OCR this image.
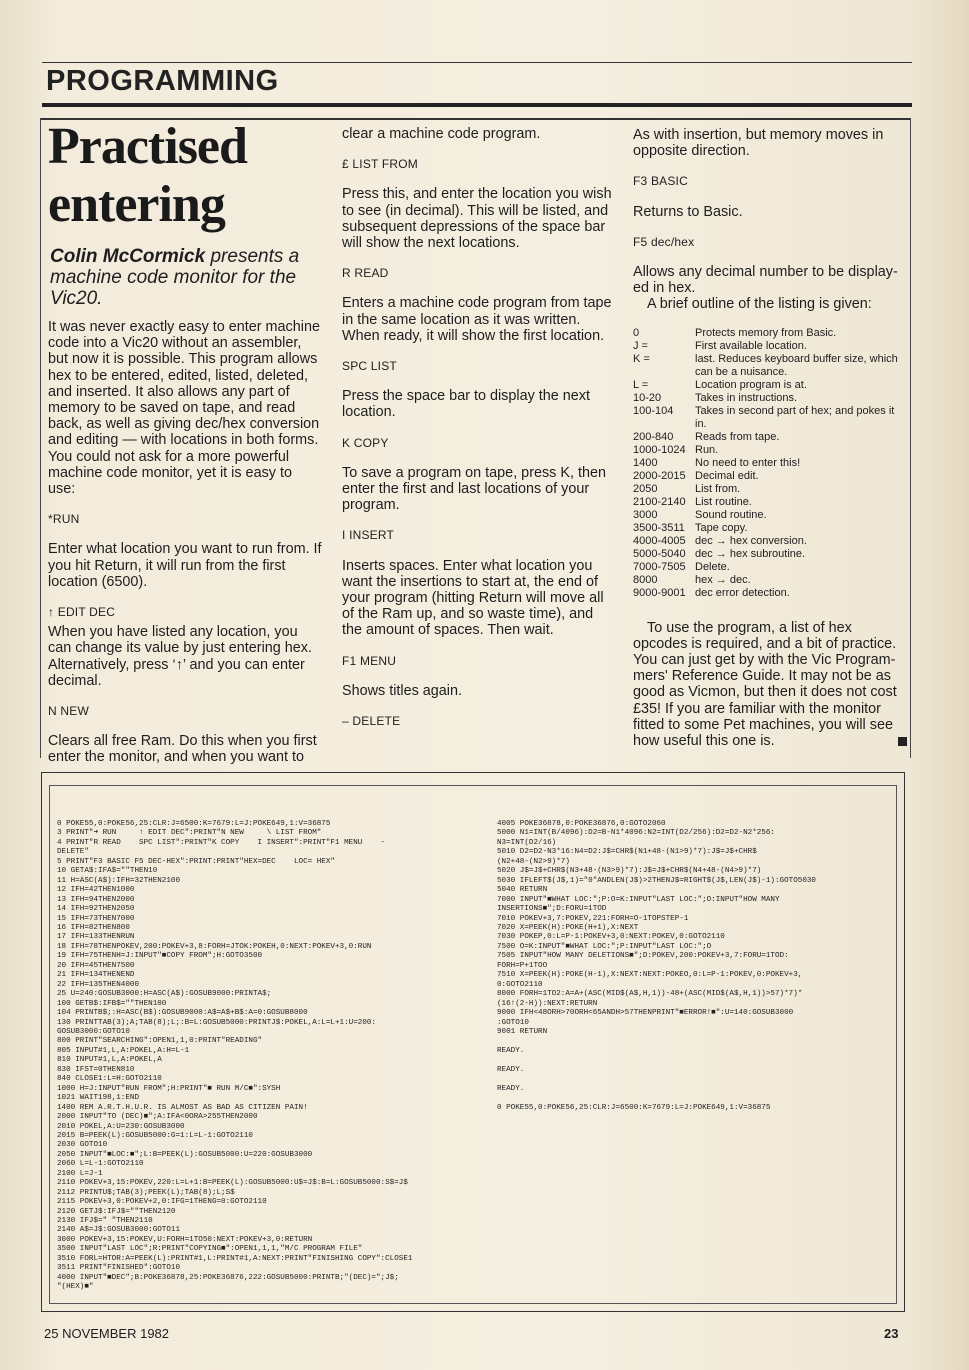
PROGRAMMING
Practised
entering

Colin McCormick presents a machine code monitor for the Vic20.

It was never exactly easy to enter machine code into a Vic20 without an assembler, but now it is possible. This program allows hex to be entered, edited, listed, deleted, and inserted. It also allows any part of memory to be saved on tape, and read back, as well as giving dec/hex conversion and editing — with locations in both forms. You could not ask for a more powerful machine code monitor, yet it is easy to use:

*RUN

Enter what location you want to run from. If you hit Return, it will run from the first location (6500).

↑ EDIT DEC

When you have listed any location, you can change its value by just entering hex. Alternatively, press ‘↑’ and you can enter decimal.

N NEW

Clears all free Ram. Do this when you first enter the monitor, and when you want to

clear a machine code program.

£ LIST FROM

Press this, and enter the location you wish to see (in decimal). This will be listed, and subsequent depressions of the space bar will show the next locations.

R READ

Enters a machine code program from tape in the same location as it was written. When ready, it will show the first location.

SPC LIST

Press the space bar to display the next location.

K COPY

To save a program on tape, press K, then enter the first and last locations of your program.

I INSERT

Inserts spaces. Enter what location you want the insertions to start at, the end of your program (hitting Return will move all of the Ram up, and so waste time), and the amount of spaces. Then wait.

F1 MENU

Shows titles again.

– DELETE

As with insertion, but memory moves in opposite direction.

F3 BASIC

Returns to Basic.

F5 dec/hex

Allows any decimal number to be display- ed in hex.

A brief outline of the listing is given:

0	Protects memory from Basic.
J =	First available location.
K =	last. Reduces keyboard buffer size, which can be a nuisance.
L =	Location program is at.
10-20	Takes in instructions.
100-104	Takes in second part of hex; and pokes it in.
200-840	Reads from tape.
1000-1024 Run.
1400	No need to enter this!
2000-2015 Decimal edit.
2050	List from.
2100-2140 List routine.
3000	Sound routine.
3500-3511 Tape copy.
4000-4005 dec → hex conversion.
5000-5040 dec → hex subroutine.
7000-7505 Delete.
8000	hex → dec.
9000-9001 dec error detection.

To use the program, a list of hex opcodes is required, and a bit of practice. You can just get by with the Vic Program- mers' Reference Guide. It may not be as good as Vicmon, but then it does not cost £35! If you are familiar with the monitor fitted to some Pet machines, you will see how useful this one is.

0 POKE55,0:POKE56,25:CLR:J=6500:K=7679:L=J:POKE649,1:V=36875
3 PRINT"➜ RUN     ↑ EDIT DEC":PRINT"N NEW     \ LIST FROM"
4 PRINT"R READ    SPC LIST":PRINT"K COPY    I INSERT":PRINT"F1 MENU    -
DELETE"
5 PRINT"F3 BASIC F5 DEC-HEX":PRINT:PRINT"HEX=DEC    LOC= HEX"
10 GETA$:IFA$=""THEN10
11 H=ASC(A$):IFH=32THEN2100
12 IFH=42THEN1000
13 IFH=94THEN2000
14 IFH=92THEN2050
15 IFH=73THEN7000
16 IFH=82THEN800
17 IFH=133THENRUN
18 IFH=78THENPOKEV,200:POKEV+3,8:FORH=JTOK:POKEH,0:NEXT:POKEV+3,0:RUN
19 IFH=75THENH=J:INPUT"■COPY FROM";H:GOTO3500
20 IFH=45THEN7500
21 IFH=134THENEND
22 IFH=135THEN4000
25 U=240:GOSUB3000:H=ASC(A$):GOSUB9000:PRINTA$;
100 GETB$:IFB$=""THEN100
104 PRINTB$;:H=ASC(B$):GOSUB9000:A$=A$+B$:A=0:GOSUB8000
130 PRINTTAB(3);A;TAB(8);L;:B=L:GOSUB5000:PRINTJ$:POKEL,A:L=L+1:U=200:
GOSUB3000:GOTO10
800 PRINT"SEARCHING":OPEN1,1,0:PRINT"READING"
805 INPUT#1,L,A:POKEL,A:H=L-1
810 INPUT#1,L,A:POKEL,A
830 IFST=0THEN810
840 CLOSE1:L=H:GOTO2110
1000 H=J:INPUT"RUN FROM";H:PRINT"■ RUN M/C■":SYSH
1021 WAIT198,1:END
1400 REM A.R.T.H.U.R. IS ALMOST AS BAD AS CITIZEN PAIN!
2000 INPUT"TO (DEC)■";A:IFA<0ORA>255THEN2000
2010 POKEL,A:U=230:GOSUB3000
2015 B=PEEK(L):GOSUB5000:G=1:L=L-1:GOTO2110
2030 GOTO10
2050 INPUT"■LOC:■";L:B=PEEK(L):GOSUB5000:U=220:GOSUB3000
2060 L=L-1:GOTO2110
2100 L=J-1
2110 POKEV+3,15:POKEV,220:L=L+1:B=PEEK(L):GOSUB5000:U$=J$:B=L:GOSUB5000:S$=J$
2112 PRINTU$;TAB(3);PEEK(L);TAB(8);L;S$
2115 POKEV+3,0:POKEV+2,0:IFG=1THENG=0:GOTO2110
2120 GETJ$:IFJ$=""THEN2120
2130 IFJ$=" "THEN2110
2140 A$=J$:GOSUB3000:GOTO11
3000 POKEV+3,15:POKEV,U:FORH=1TO50:NEXT:POKEV+3,0:RETURN
3500 INPUT"LAST LOC";R:PRINT"COPYING■":OPEN1,1,1,"M/C PROGRAM FILE"
3510 FORL=HTOR:A=PEEK(L):PRINT#1,L:PRINT#1,A:NEXT:PRINT"FINISHING COPY":CLOSE1
3511 PRINT"FINISHED":GOTO10
4000 INPUT"■DEC";B:POKE36878,25:POKE36876,222:GOSUB5000:PRINTB;"(DEC)=";J$;
"(HEX)■"
4005 POKE36878,0:POKE36876,0:GOTO2060
5000 N1=INT(B/4096):D2=B-N1*4096:N2=INT(D2/256):D2=D2-N2*256:
N3=INT(D2/16)
5010 D2=D2-N3*16:N4=D2:J$=CHR$(N1+48-(N1>9)*7):J$=J$+CHR$
(N2+48-(N2>9)*7)
5020 J$=J$+CHR$(N3+48-(N3>9)*7):J$=J$+CHR$(N4+48-(N4>9)*7)
5030 IFLEFT$(J$,1)="0"ANDLEN(J$)>2THENJ$=RIGHT$(J$,LEN(J$)-1):GOTO5030
5040 RETURN
7000 INPUT"■WHAT LOC:";P:O=K:INPUT"LAST LOC:";O:INPUT"HOW MANY
INSERTIONS■";D:FORU=1TOD
7010 POKEV+3,7:POKEV,221:FORH=O-1TOPSTEP-1
7020 X=PEEK(H):POKE(H+1),X:NEXT
7030 POKEP,0:L=P-1:POKEV+3,0:NEXT:POKEV,0:GOTO2110
7500 O=K:INPUT"■WHAT LOC:";P:INPUT"LAST LOC:";O
7505 INPUT"HOW MANY DELETIONS■";D:POKEV,200:POKEV+3,7:FORU=1TOD:
FORH=P+1TOO
7510 X=PEEK(H):POKE(H-1),X:NEXT:NEXT:POKEO,0:L=P-1:POKEV,0:POKEV+3,
0:GOTO2110
8000 FORH=1TO2:A=A+(ASC(MID$(A$,H,1))-48+(ASC(MID$(A$,H,1))>57)*7)*
(16↑(2-H)):NEXT:RETURN
9000 IFH<48ORH>70ORH<65ANDH>57THENPRINT"■ERROR!■":U=140:GOSUB3000
:GOTO10
9001 RETURN

READY.

READY.

READY.

0 POKE55,0:POKE56,25:CLR:J=6500:K=7679:L=J:POKE649,1:V=36875
25 NOVEMBER 1982	23
